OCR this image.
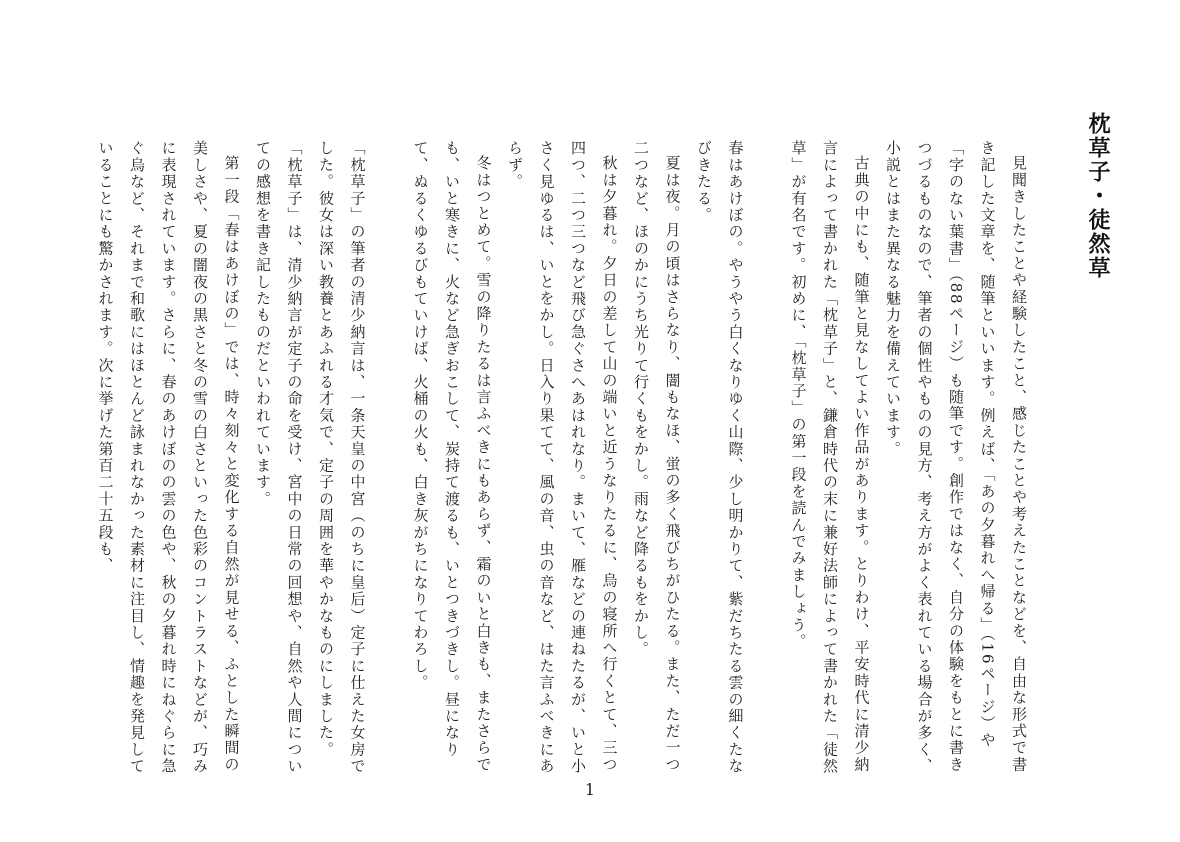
枕草子・徒然草

見聞きしたことや経験したこと、感じたことや考えたことなどを、自由な形式で書き記した文章を、随筆といいます。例えば、「あの夕暮れへ帰る」（16ページ）や「字のない葉書」（88ページ）も随筆です。創作ではなく、自分の体験をもとに書きつづるものなので、筆者の個性やものの見方、考え方がよく表れている場合が多く、小説とはまた異なる魅力を備えています。

古典の中にも、随筆と見なしてよい作品があります。とりわけ、平安時代に清少納言によって書かれた「枕草子」と、鎌倉時代の末に兼好法師によって書かれた「徒然草」が有名です。初めに、「枕草子」の第一段を読んでみましょう。

春はあけぼの。やうやう白くなりゆく山際、少し明かりて、紫だちたる雲の細くたなびきたる。

夏は夜。月の頃はさらなり、闇もなほ、蛍の多く飛びちがひたる。また、ただ一つ二つなど、ほのかにうち光りて行くもをかし。雨など降るもをかし。

秋は夕暮れ。夕日の差して山の端いと近うなりたるに、烏の寝所へ行くとて、三つ四つ、二つ三つなど飛び急ぐさへあはれなり。まいて、雁などの連ねたるが、いと小さく見ゆるは、いとをかし。日入り果てて、風の音、虫の音など、はた言ふべきにあらず。

冬はつとめて。雪の降りたるは言ふべきにもあらず、霜のいと白きも、またさらでも、いと寒きに、火など急ぎおこして、炭持て渡るも、いとつきづきし。昼になりて、ぬるくゆるびもていけば、火桶の火も、白き灰がちになりてわろし。

「枕草子」の筆者の清少納言は、一条天皇の中宮（のちに皇后）定子に仕えた女房でした。彼女は深い教養とあふれる才気で、定子の周囲を華やかなものにしました。「枕草子」は、清少納言が定子の命を受け、宮中の日常の回想や、自然や人間についての感想を書き記したものだといわれています。

第一段「春はあけぼの」では、時々刻々と変化する自然が見せる、ふとした瞬間の美しさや、夏の闇夜の黒さと冬の雪の白さといった色彩のコントラストなどが、巧みに表現されています。さらに、春のあけぼのの雲の色や、秋の夕暮れ時にねぐらに急ぐ烏など、それまで和歌にはほとんど詠まれなかった素材に注目し、情趣を発見していることにも驚かされます。次に挙げた第百二十五段も、

1
